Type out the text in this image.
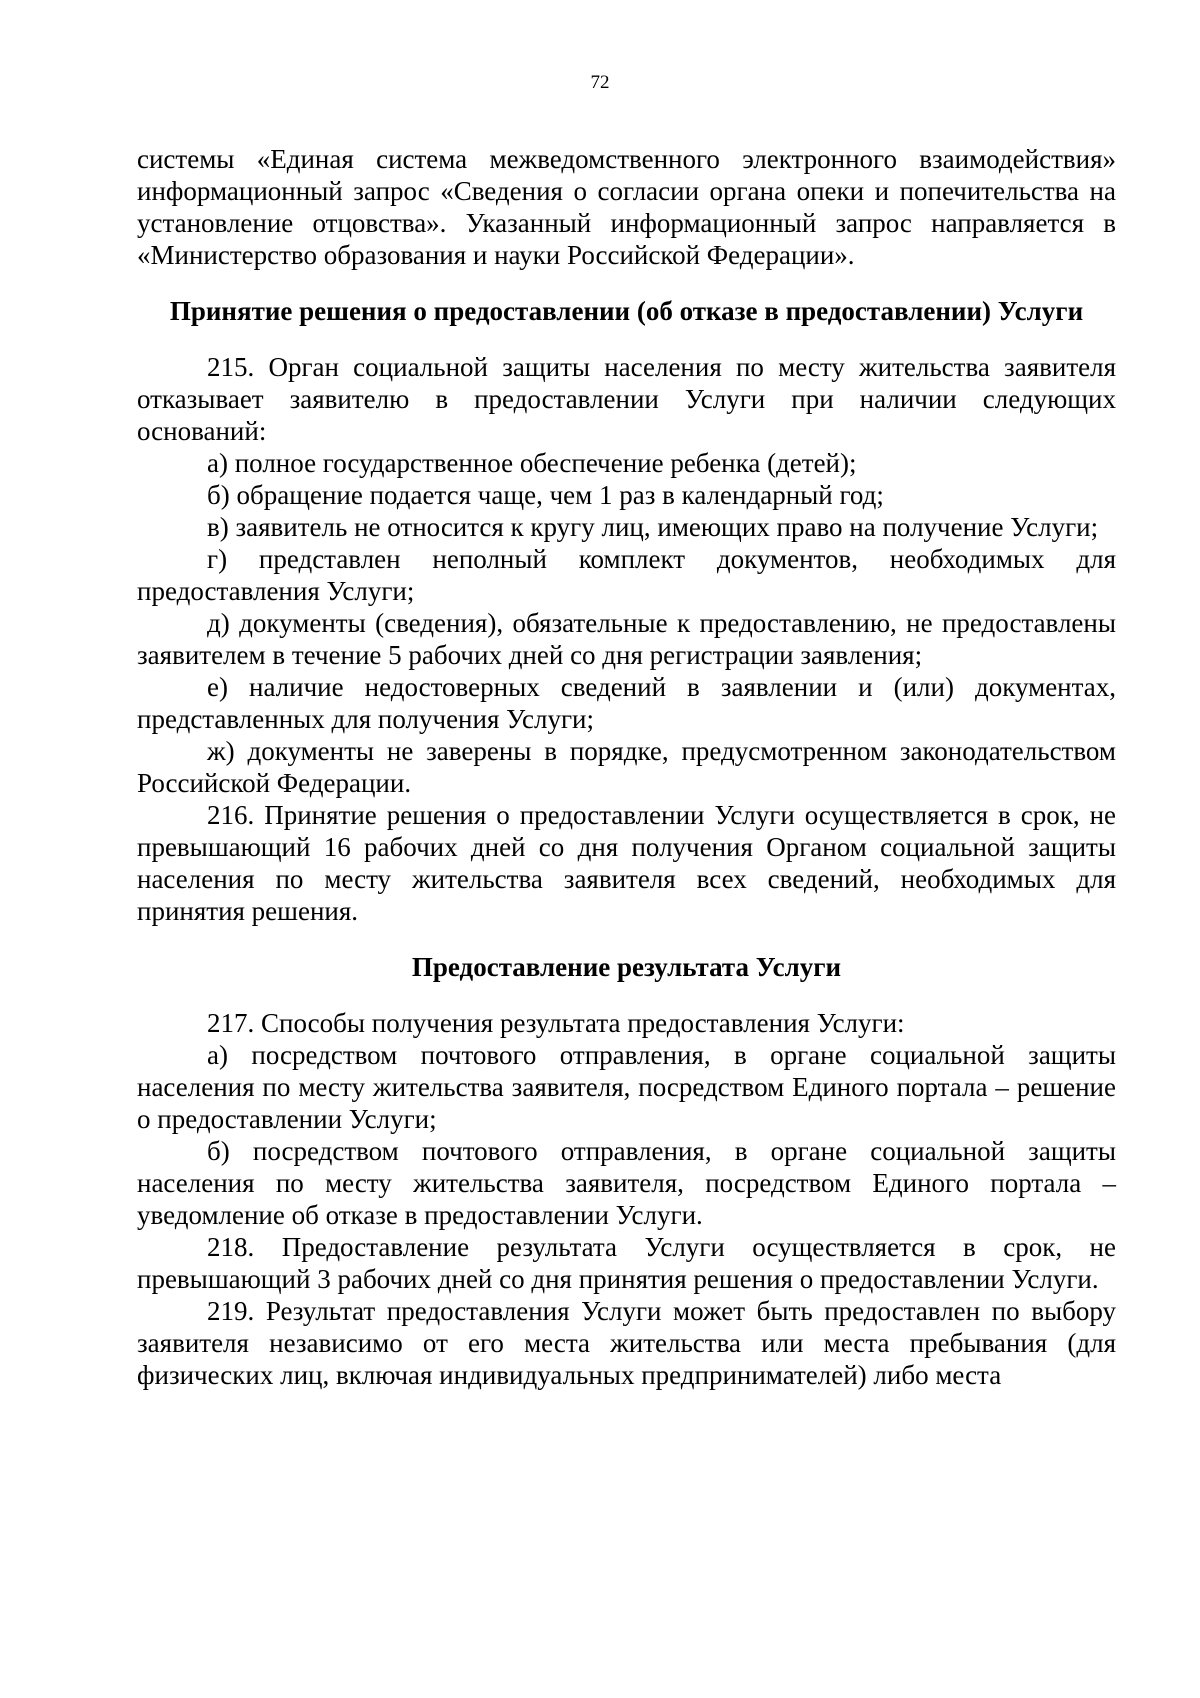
72

системы «Единая система межведомственного электронного взаимодействия» информационный запрос «Сведения о согласии органа опеки и попечительства на установление отцовства». Указанный информационный запрос направляется в «Министерство образования и науки Российской Федерации».

Принятие решения о предоставлении (об отказе в предоставлении) Услуги

215. Орган социальной защиты населения по месту жительства заявителя отказывает заявителю в предоставлении Услуги при наличии следующих оснований:

а) полное государственное обеспечение ребенка (детей);

б) обращение подается чаще, чем 1 раз в календарный год;

в) заявитель не относится к кругу лиц, имеющих право на получение Услуги;

г) представлен неполный комплект документов, необходимых для предоставления Услуги;

д) документы (сведения), обязательные к предоставлению, не предоставлены заявителем в течение 5 рабочих дней со дня регистрации заявления;

е) наличие недостоверных сведений в заявлении и (или) документах, представленных для получения Услуги;

ж) документы не заверены в порядке, предусмотренном законодательством Российской Федерации.

216. Принятие решения о предоставлении Услуги осуществляется в срок, не превышающий 16 рабочих дней со дня получения Органом социальной защиты населения по месту жительства заявителя всех сведений, необходимых для принятия решения.

Предоставление результата Услуги

217. Способы получения результата предоставления Услуги:

а) посредством почтового отправления, в органе социальной защиты населения по месту жительства заявителя, посредством Единого портала – решение о предоставлении Услуги;

б) посредством почтового отправления, в органе социальной защиты населения по месту жительства заявителя, посредством Единого портала – уведомление об отказе в предоставлении Услуги.

218. Предоставление результата Услуги осуществляется в срок, не превышающий 3 рабочих дней со дня принятия решения о предоставлении Услуги.

219. Результат предоставления Услуги может быть предоставлен по выбору заявителя независимо от его места жительства или места пребывания (для физических лиц, включая индивидуальных предпринимателей) либо места
